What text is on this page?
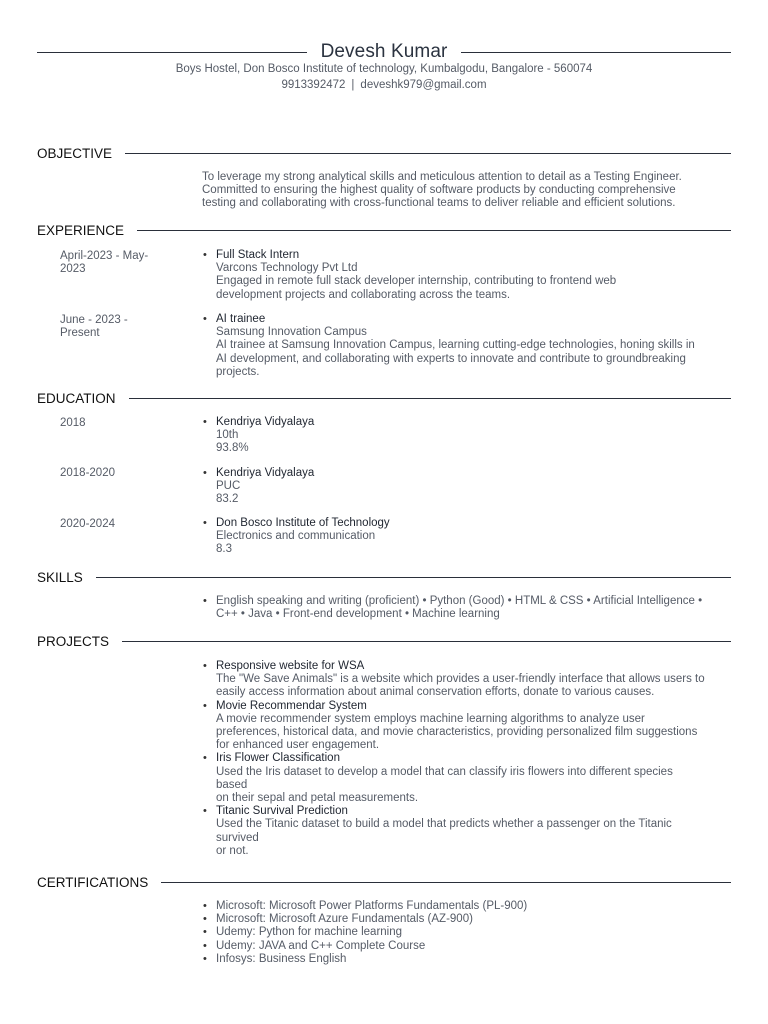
Devesh Kumar
Boys Hostel, Don Bosco Institute of technology, Kumbalgodu, Bangalore - 560074
9913392472 | deveshk979@gmail.com
OBJECTIVE
To leverage my strong analytical skills and meticulous attention to detail as a Testing Engineer.
Committed to ensuring the highest quality of software products by conducting comprehensive
testing and collaborating with cross-functional teams to deliver reliable and efficient solutions.
EXPERIENCE
April-2023 - May-
2023
• Full Stack Intern
Varcons Technology Pvt Ltd
Engaged in remote full stack developer internship, contributing to frontend web
development projects and collaborating across the teams.
June - 2023 -
Present
• AI trainee
Samsung Innovation Campus
AI trainee at Samsung Innovation Campus, learning cutting-edge technologies, honing skills in
AI development, and collaborating with experts to innovate and contribute to groundbreaking
projects.
EDUCATION
2018	• Kendriya Vidyalaya
10th
93.8%
2018-2020	• Kendriya Vidyalaya
PUC
83.2
2020-2024	• Don Bosco Institute of Technology
Electronics and communication
8.3
SKILLS
• English speaking and writing (proficient) • Python (Good) • HTML & CSS • Artificial Intelligence •
C++ • Java • Front-end development • Machine learning
PROJECTS
• Responsive website for WSA
The "We Save Animals" is a website which provides a user-friendly interface that allows users to
easily access information about animal conservation efforts, donate to various causes.
• Movie Recommendar System
A movie recommender system employs machine learning algorithms to analyze user
preferences, historical data, and movie characteristics, providing personalized film suggestions
for enhanced user engagement.
• Iris Flower Classification
Used the Iris dataset to develop a model that can classify iris flowers into different species
based
on their sepal and petal measurements.
• Titanic Survival Prediction
Used the Titanic dataset to build a model that predicts whether a passenger on the Titanic
survived
or not.
CERTIFICATIONS
• Microsoft: Microsoft Power Platforms Fundamentals (PL-900)
• Microsoft: Microsoft Azure Fundamentals (AZ-900)
• Udemy: Python for machine learning
• Udemy: JAVA and C++ Complete Course
• Infosys: Business English
